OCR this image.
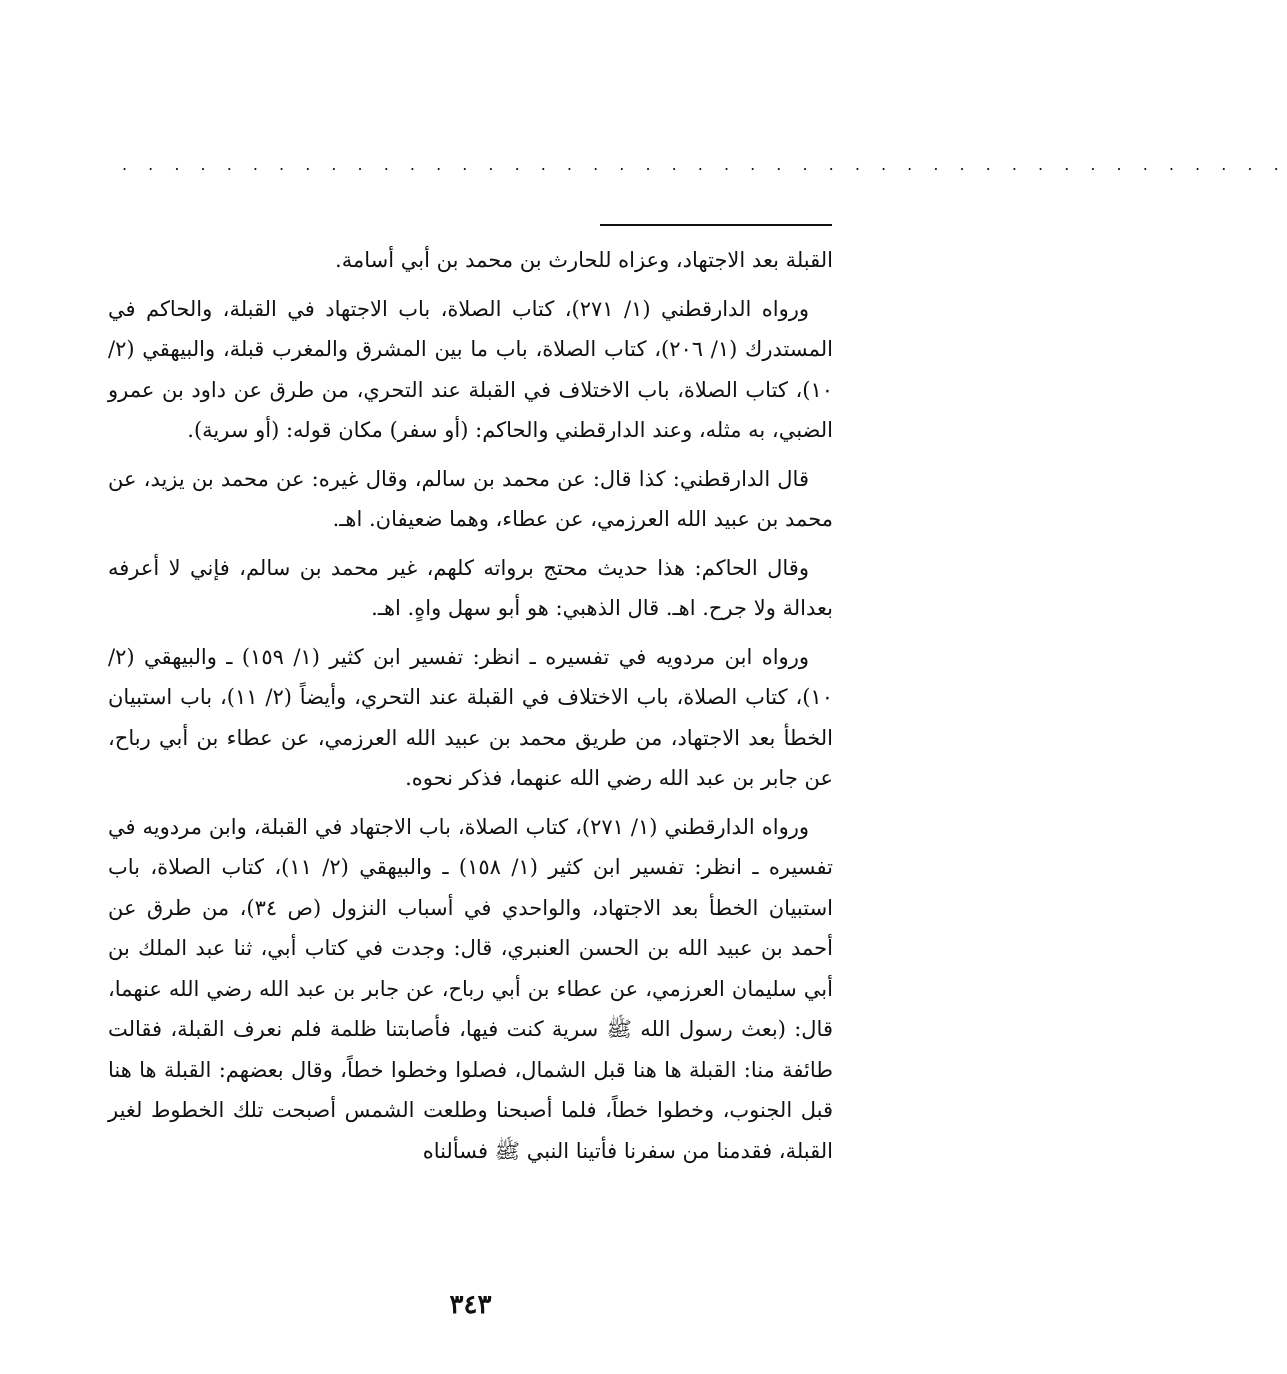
. . . . . . . . . . . . . . . . . . . . . . . . . . . . . . . . . . . . . . . . . . . . .

القبلة بعد الاجتهاد، وعزاه للحارث بن محمد بن أبي أسامة.

ورواه الدارقطني (١/ ٢٧١)، كتاب الصلاة، باب الاجتهاد في القبلة، والحاكم في المستدرك (١/ ٢٠٦)، كتاب الصلاة، باب ما بين المشرق والمغرب قبلة، والبيهقي (٢/ ١٠)، كتاب الصلاة، باب الاختلاف في القبلة عند التحري، من طرق عن داود بن عمرو الضبي، به مثله، وعند الدارقطني والحاكم: (أو سفر) مكان قوله: (أو سرية).

قال الدارقطني: كذا قال: عن محمد بن سالم، وقال غيره: عن محمد بن يزيد، عن محمد بن عبيد الله العرزمي، عن عطاء، وهما ضعيفان. اهـ.

وقال الحاكم: هذا حديث محتج برواته كلهم، غير محمد بن سالم، فإني لا أعرفه بعدالة ولا جرح. اهـ. قال الذهبي: هو أبو سهل واهٍ. اهـ.

ورواه ابن مردويه في تفسيره ـ انظر: تفسير ابن كثير (١/ ١٥٩) ـ والبيهقي (٢/ ١٠)، كتاب الصلاة، باب الاختلاف في القبلة عند التحري، وأيضاً (٢/ ١١)، باب استبيان الخطأ بعد الاجتهاد، من طريق محمد بن عبيد الله العرزمي، عن عطاء بن أبي رباح، عن جابر بن عبد الله رضي الله عنهما، فذكر نحوه.

ورواه الدارقطني (١/ ٢٧١)، كتاب الصلاة، باب الاجتهاد في القبلة، وابن مردويه في تفسيره ـ انظر: تفسير ابن كثير (١/ ١٥٨) ـ والبيهقي (٢/ ١١)، كتاب الصلاة، باب استبيان الخطأ بعد الاجتهاد، والواحدي في أسباب النزول (ص ٣٤)، من طرق عن أحمد بن عبيد الله بن الحسن العنبري، قال: وجدت في كتاب أبي، ثنا عبد الملك بن أبي سليمان العرزمي، عن عطاء بن أبي رباح، عن جابر بن عبد الله رضي الله عنهما، قال: (بعث رسول الله ﷺ سرية كنت فيها، فأصابتنا ظلمة فلم نعرف القبلة، فقالت طائفة منا: القبلة ها هنا قبل الشمال، فصلوا وخطوا خطاً، وقال بعضهم: القبلة ها هنا قبل الجنوب، وخطوا خطاً، فلما أصبحنا وطلعت الشمس أصبحت تلك الخطوط لغير القبلة، فقدمنا من سفرنا فأتينا النبي ﷺ فسألناه

٣٤٣
